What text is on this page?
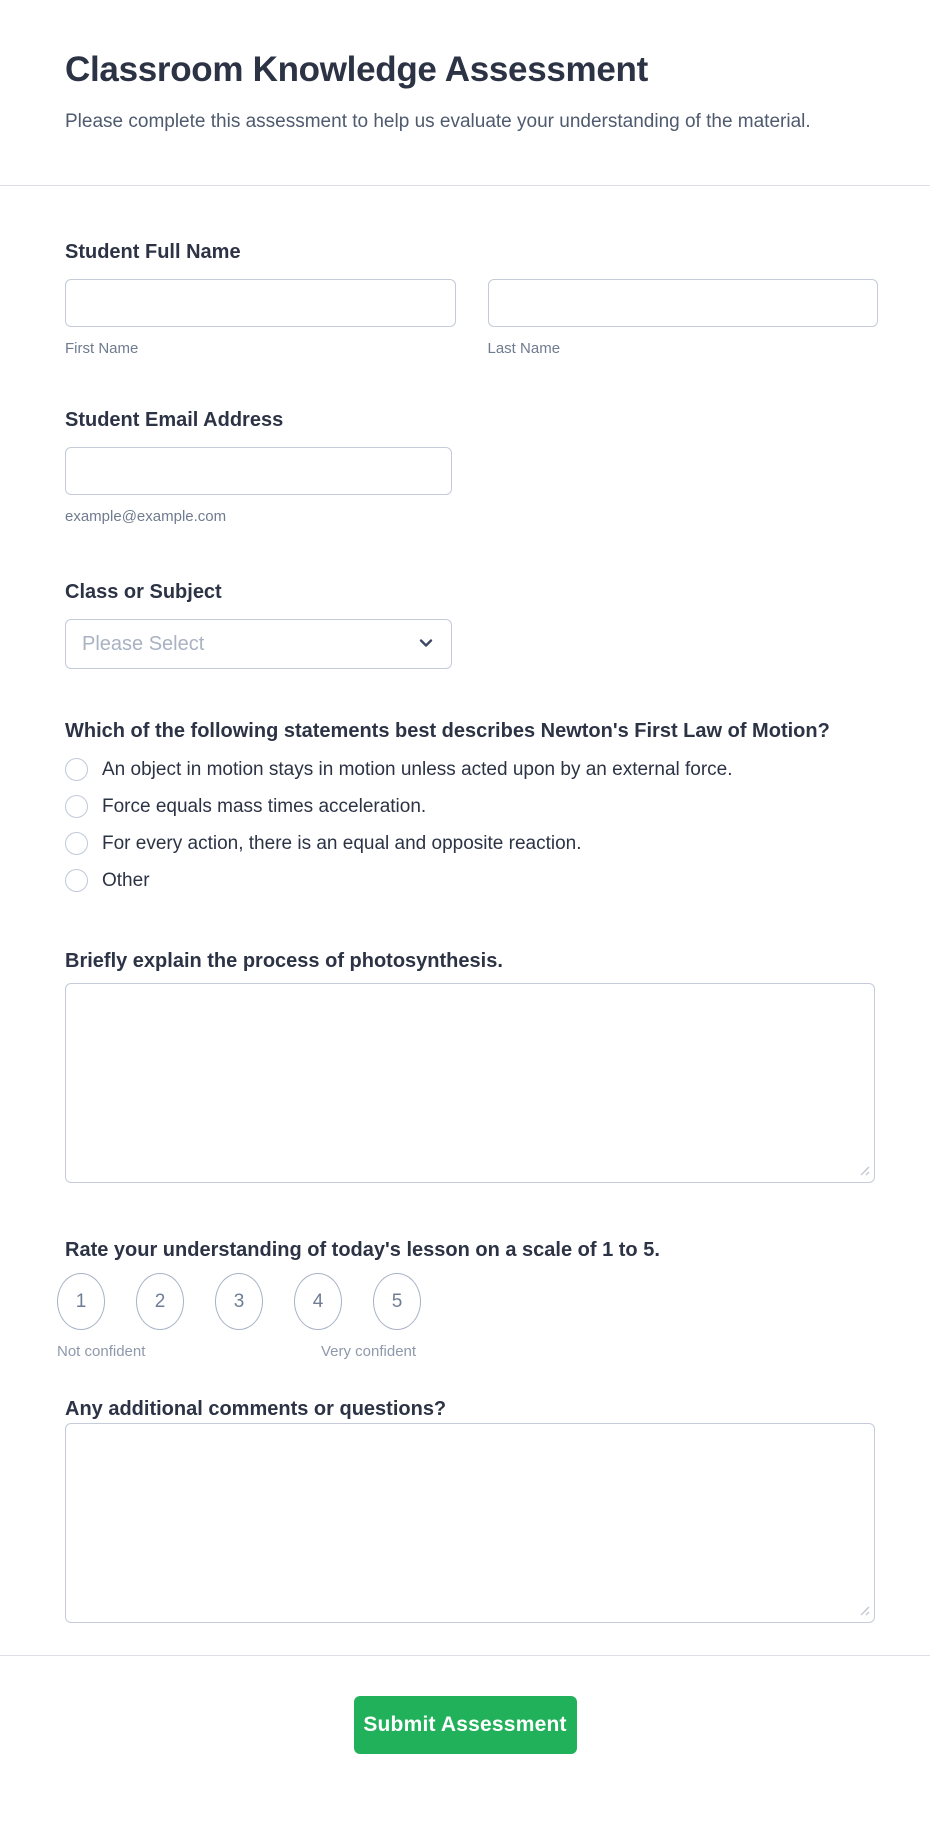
Classroom Knowledge Assessment

Please complete this assessment to help us evaluate your understanding of the material.

Student Full Name
First Name	Last Name
Student Email Address
example@example.com
Class or Subject
Please Select
Which of the following statements best describes Newton's First Law of Motion?
An object in motion stays in motion unless acted upon by an external force.
Force equals mass times acceleration.
For every action, there is an equal and opposite reaction.
Other
Briefly explain the process of photosynthesis.
Rate your understanding of today's lesson on a scale of 1 to 5.
1	2	3	4	5
Not confident	Very confident
Any additional comments or questions?
Submit Assessment
